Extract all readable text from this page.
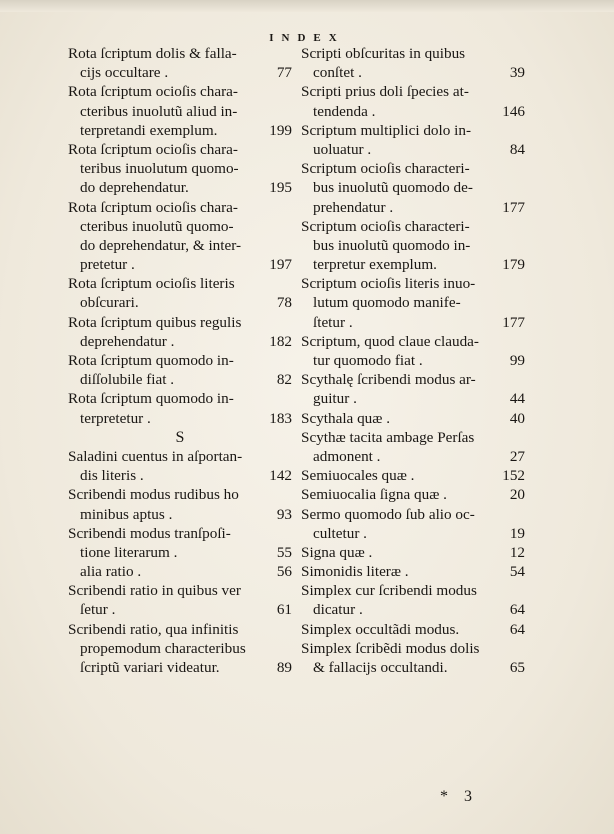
INDEX
Rota ſcriptum dolis & falla-
cijs occultare .	77
Rota ſcriptum ocioſis chara-
cteribus inuolutũ aliud in-
terpretandi exemplum.	199
Rota ſcriptum ocioſis chara-
teribus inuolutum quomo-
do deprehendatur.	195
Rota ſcriptum ocioſis chara-
cteribus inuolutũ quomo-
do deprehendatur, & inter-
pretetur .	197
Rota ſcriptum ocioſis literis
obſcurari.	78
Rota ſcriptum quibus regulis
deprehendatur .	182
Rota ſcriptum quomodo in-
diſſolubile fiat .	82
Rota ſcriptum quomodo in-
terpretetur .	183
S
Saladini cuentus in aſportan-
dis literis .	142
Scribendi modus rudibus ho
minibus aptus .	93
Scribendi modus tranſpoſi-
tione literarum .	55
alia ratio .	56
Scribendi ratio in quibus ver
ſetur .	61
Scribendi ratio, qua infinitis
propemodum characteribus
ſcriptũ variari videatur.	89
Scripti obſcuritas in quibus
conſtet .	39
Scripti prius doli ſpecies at-
tendenda .	146
Scriptum multiplici dolo in-
uoluatur .	84
Scriptum ocioſis characteri-
bus inuolutũ quomodo de-
prehendatur .	177
Scriptum ocioſis characteri-
bus inuolutũ quomodo in-
terpretur exemplum.	179
Scriptum ocioſis literis inuo-
lutum quomodo manife-
ſtetur .	177
Scriptum, quod claue clauda-
tur quomodo fiat .	99
Scythalę ſcribendi modus ar-
guitur .	44
Scythala quæ .	40
Scythæ tacita ambage Perſas
admonent .	27
Semiuocales quæ .	152
Semiuocalia ſigna quæ .	20
Sermo quomodo ſub alio oc-
cultetur .	19
Signa quæ .	12
Simonidis literæ .	54
Simplex cur ſcribendi modus
dicatur .	64
Simplex occultãdi modus.	64
Simplex ſcribẽdi modus dolis
& fallacijs occultandi.	65
* 3
